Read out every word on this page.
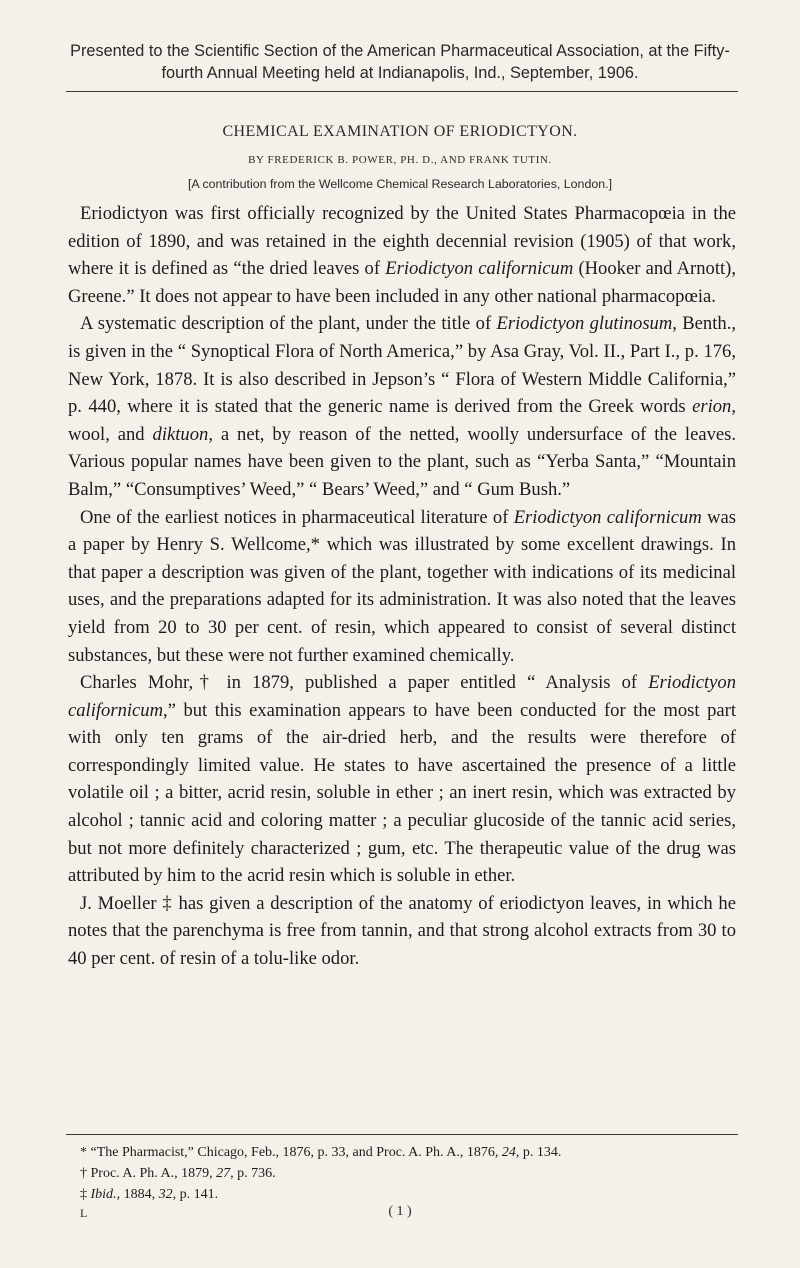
Presented to the Scientific Section of the American Pharmaceutical Association, at the Fifty-fourth Annual Meeting held at Indianapolis, Ind., September, 1906.
CHEMICAL EXAMINATION OF ERIODICTYON.
BY FREDERICK B. POWER, PH. D., AND FRANK TUTIN.
[A contribution from the Wellcome Chemical Research Laboratories, London.]

Eriodictyon was first officially recognized by the United States Pharmacopœia in the edition of 1890, and was retained in the eighth decennial revision (1905) of that work, where it is defined as “the dried leaves of Eriodictyon californicum (Hooker and Arnott), Greene.” It does not appear to have been included in any other national pharmacopœia.

A systematic description of the plant, under the title of Eriodictyon glutinosum, Benth., is given in the “ Synoptical Flora of North America,” by Asa Gray, Vol. II., Part I., p. 176, New York, 1878. It is also described in Jepson’s “ Flora of Western Middle California,” p. 440, where it is stated that the generic name is derived from the Greek words erion, wool, and diktuon, a net, by reason of the netted, woolly undersurface of the leaves. Various popular names have been given to the plant, such as “Yerba Santa,” “Mountain Balm,” “Consumptives’ Weed,” “ Bears’ Weed,” and “ Gum Bush.”

One of the earliest notices in pharmaceutical literature of Eriodictyon californicum was a paper by Henry S. Wellcome,* which was illustrated by some excellent drawings. In that paper a description was given of the plant, together with indications of its medicinal uses, and the preparations adapted for its administration. It was also noted that the leaves yield from 20 to 30 per cent. of resin, which appeared to consist of several distinct substances, but these were not further examined chemically.

Charles Mohr,† in 1879, published a paper entitled “ Analysis of Eriodictyon californicum,” but this examination appears to have been conducted for the most part with only ten grams of the air-dried herb, and the results were therefore of correspondingly limited value. He states to have ascertained the presence of a little volatile oil ; a bitter, acrid resin, soluble in ether ; an inert resin, which was extracted by alcohol ; tannic acid and coloring matter ; a peculiar glucoside of the tannic acid series, but not more definitely characterized ; gum, etc. The therapeutic value of the drug was attributed by him to the acrid resin which is soluble in ether.

J. Moeller ‡ has given a description of the anatomy of eriodictyon leaves, in which he notes that the parenchyma is free from tannin, and that strong alcohol extracts from 30 to 40 per cent. of resin of a tolu-like odor.

* “The Pharmacist,” Chicago, Feb., 1876, p. 33, and Proc. A. Ph. A., 1876, 24, p. 134.

† Proc. A. Ph. A., 1879, 27, p. 736.

‡ Ibid., 1884, 32, p. 141.

L	( 1 )
